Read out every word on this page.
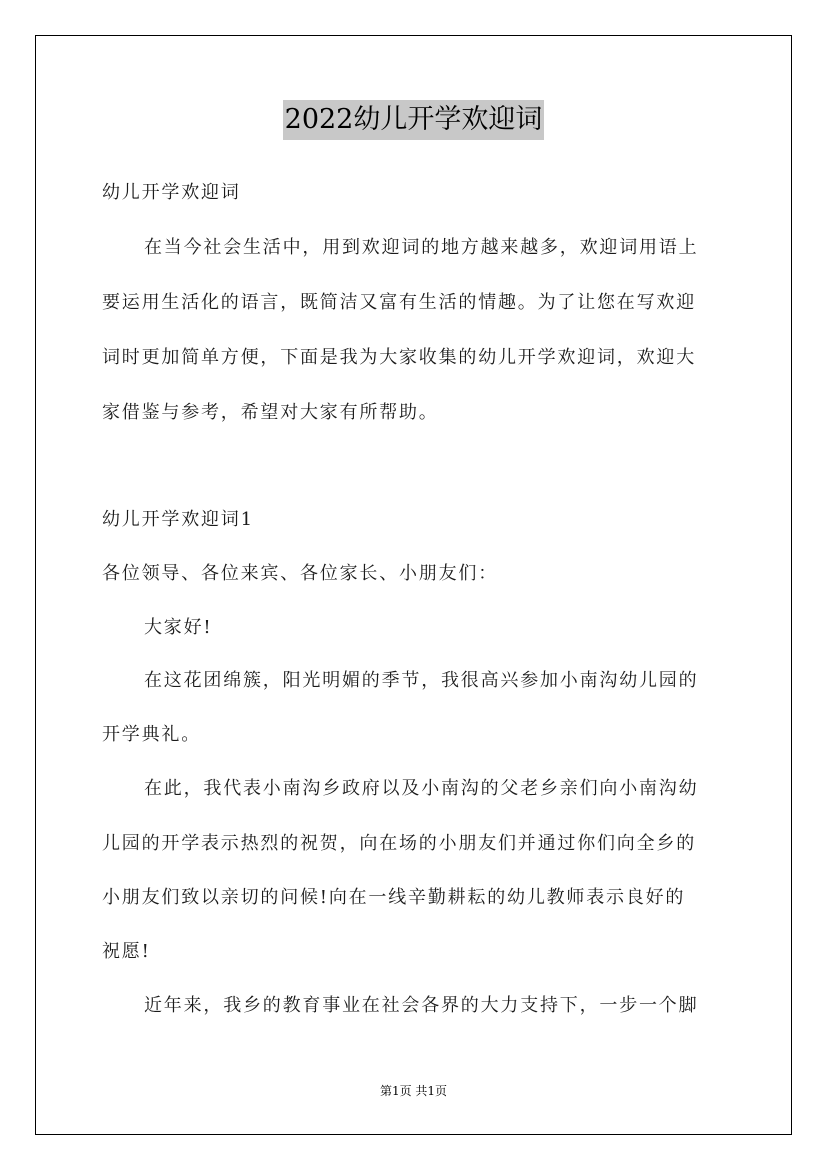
2022幼儿开学欢迎词
幼儿开学欢迎词
在当今社会生活中，用到欢迎词的地方越来越多，欢迎词用语上
要运用生活化的语言，既简洁又富有生活的情趣。为了让您在写欢迎
词时更加简单方便，下面是我为大家收集的幼儿开学欢迎词，欢迎大
家借鉴与参考，希望对大家有所帮助。
幼儿开学欢迎词1
各位领导、各位来宾、各位家长、小朋友们：
大家好!
在这花团绵簇，阳光明媚的季节，我很高兴参加小南沟幼儿园的
开学典礼。
在此，我代表小南沟乡政府以及小南沟的父老乡亲们向小南沟幼
儿园的开学表示热烈的祝贺，向在场的小朋友们并通过你们向全乡的
小朋友们致以亲切的问候!向在一线辛勤耕耘的幼儿教师表示良好的
祝愿!
近年来，我乡的教育事业在社会各界的大力支持下，一步一个脚
第1页 共1页
